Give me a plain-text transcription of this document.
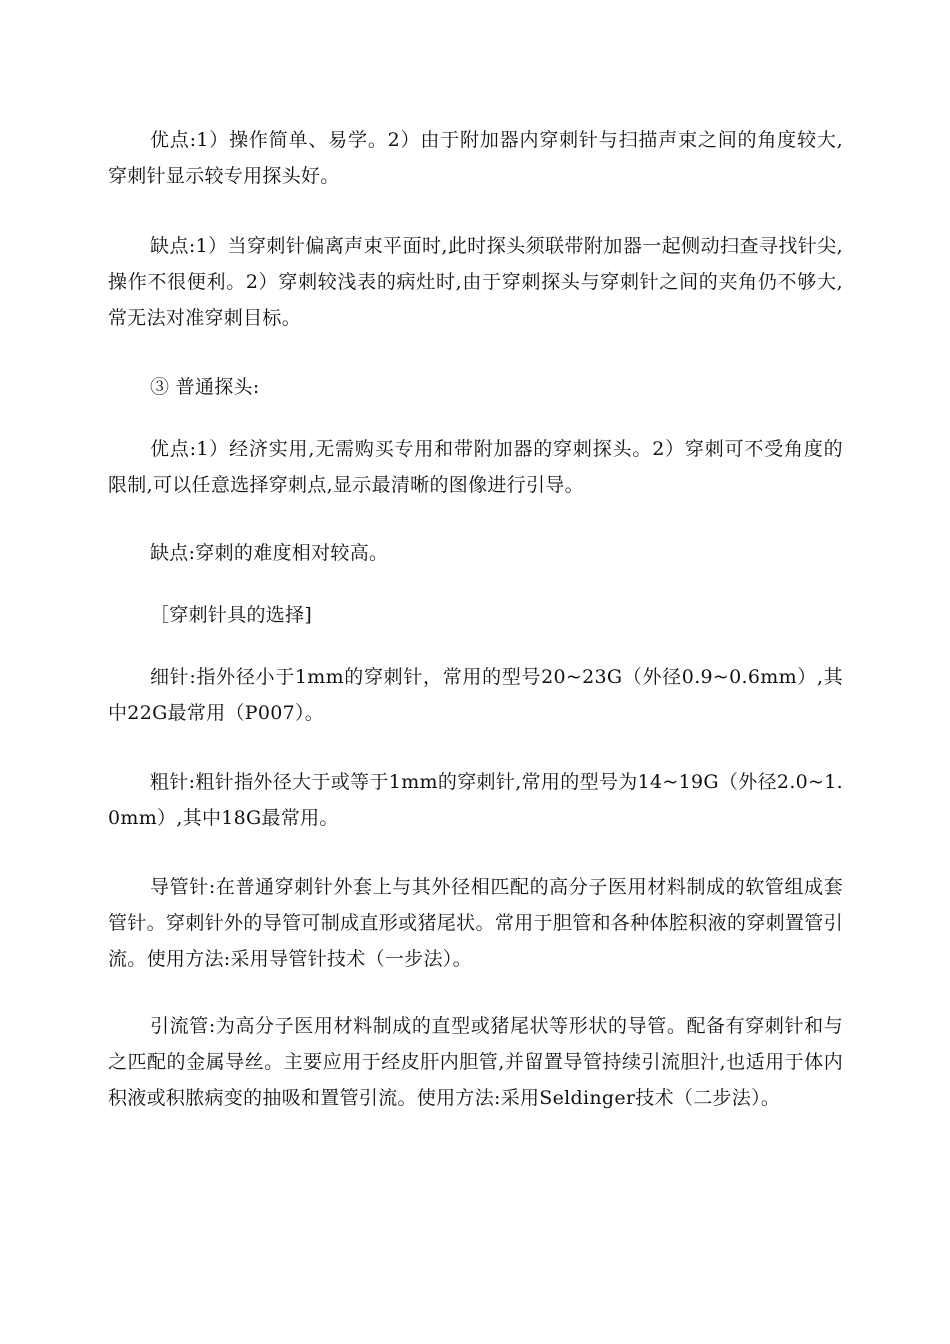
优点:1）操作简单、易学。2）由于附加器内穿刺针与扫描声束之间的角度较大,穿刺针显示较专用探头好。

缺点:1）当穿刺针偏离声束平面时,此时探头须联带附加器一起侧动扫查寻找针尖,操作不很便利。2）穿刺较浅表的病灶时,由于穿刺探头与穿刺针之间的夹角仍不够大,常无法对准穿刺目标。

③ 普通探头:

优点:1）经济实用,无需购买专用和带附加器的穿刺探头。2）穿刺可不受角度的限制,可以任意选择穿刺点,显示最清晰的图像进行引导。

缺点:穿刺的难度相对较高。

［穿刺针具的选择]

细针:指外径小于1mm的穿刺针，常用的型号20~23G（外径0.9~0.6mm）,其中22G最常用（P007）。

粗针:粗针指外径大于或等于1mm的穿刺针,常用的型号为14~19G（外径2.0~1.0mm）,其中18G最常用。

导管针:在普通穿刺针外套上与其外径相匹配的高分子医用材料制成的软管组成套管针。穿刺针外的导管可制成直形或猪尾状。常用于胆管和各种体腔积液的穿刺置管引流。使用方法:采用导管针技术（一步法）。

引流管:为高分子医用材料制成的直型或猪尾状等形状的导管。配备有穿刺针和与之匹配的金属导丝。主要应用于经皮肝内胆管,并留置导管持续引流胆汁,也适用于体内积液或积脓病变的抽吸和置管引流。使用方法:采用Seldinger技术（二步法）。
